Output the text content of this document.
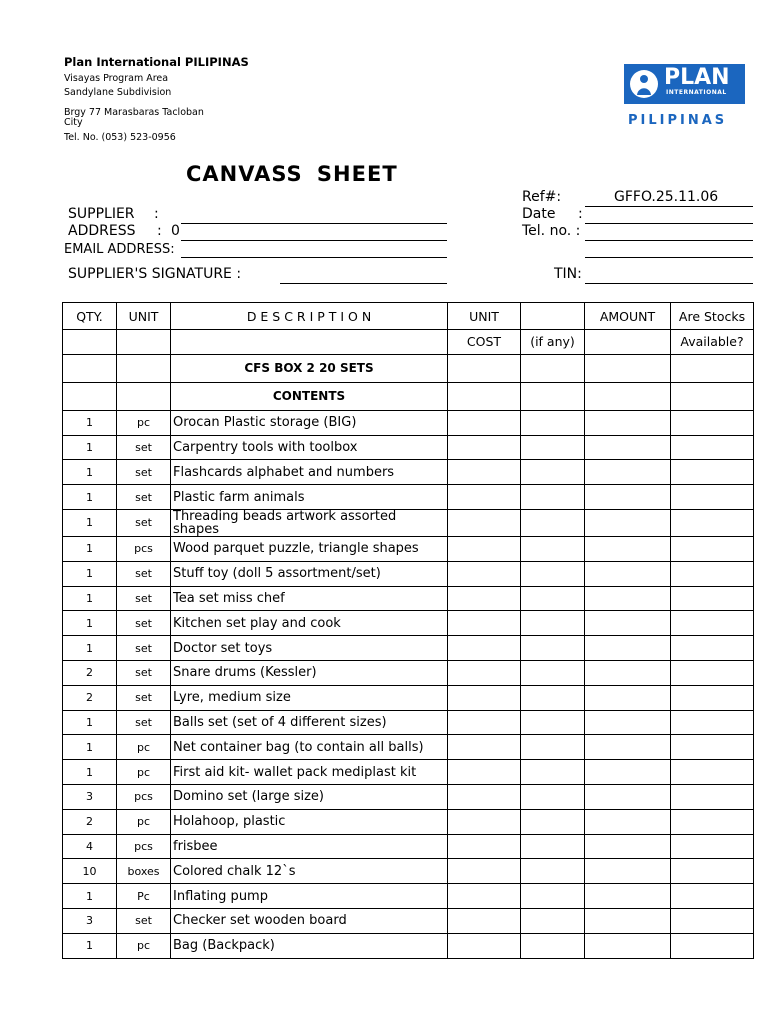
Plan International PILIPINAS
Visayas Program Area
Sandylane Subdivision
Brgy 77 Marasbaras Tacloban
City
Tel. No. (053) 523-0956
PLAN
INTERNATIONAL
PILIPINAS
CANVASS SHEET
SUPPLIER :
ADDRESS : 0
EMAIL ADDRESS:
SUPPLIER'S SIGNATURE :
Ref#:	GFFO.25.11.06
Date :
Tel. no. :
TIN:
QTY.	UNIT	D E S C R I P T I O N	UNIT		AMOUNT	Are Stocks
			COST	(if any)		Available?
		CFS BOX 2 20 SETS				
		CONTENTS				
1	pc	Orocan Plastic storage (BIG)				
1	set	Carpentry tools with toolbox				
1	set	Flashcards alphabet and numbers				
1	set	Plastic farm animals				
1	set	Threading beads artwork assorted shapes				
1	pcs	Wood parquet puzzle, triangle shapes				
1	set	Stuff toy (doll 5 assortment/set)				
1	set	Tea set miss chef				
1	set	Kitchen set play and cook				
1	set	Doctor set toys				
2	set	Snare drums (Kessler)				
2	set	Lyre, medium size				
1	set	Balls set (set of 4 different sizes)				
1	pc	Net container bag (to contain all balls)				
1	pc	First aid kit- wallet pack mediplast kit				
3	pcs	Domino set (large size)				
2	pc	Holahoop, plastic				
4	pcs	frisbee				
10	boxes	Colored chalk 12`s				
1	Pc	Inflating pump				
3	set	Checker set wooden board				
1	pc	Bag (Backpack)				
